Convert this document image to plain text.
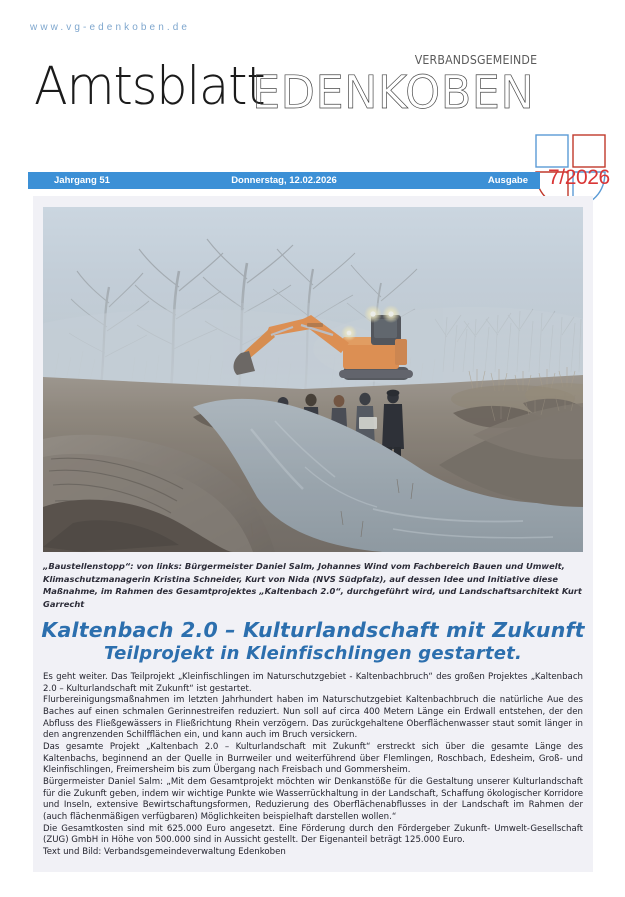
www.vg-edenkoben.de
Amtsblatt	VERBANDSGEMEINDE
EDENKOBEN
Jahrgang 51	Donnerstag, 12.02.2026	Ausgabe 7/2026
„Baustellenstopp“: von links: Bürgermeister Daniel Salm, Johannes Wind vom Fachbereich Bauen und Umwelt, Klimaschutzmanagerin Kristina Schneider, Kurt von Nida (NVS Südpfalz), auf dessen Idee und Initiative diese Maßnahme, im Rahmen des Gesamtprojektes „Kaltenbach 2.0“, durchgeführt wird, und Landschaftsarchitekt Kurt Garrecht
Kaltenbach 2.0 – Kulturlandschaft mit Zukunft
Teilprojekt in Kleinfischlingen gestartet.

Es geht weiter. Das Teilprojekt „Kleinfischlingen im Naturschutzgebiet - Kaltenbachbruch“ des großen Projektes „Kaltenbach 2.0 – Kulturlandschaft mit Zukunft“ ist gestartet.

Flurbereinigungsmaßnahmen im letzten Jahrhundert haben im Naturschutzgebiet Kaltenbachbruch die natürliche Aue des Baches auf einen schmalen Gerinnestreifen reduziert. Nun soll auf circa 400 Metern Länge ein Erdwall entstehen, der den Abfluss des Fließgewässers in Fließrichtung Rhein verzögern. Das zurückgehaltene Oberflächenwasser staut somit länger in den angrenzenden Schilfflächen ein, und kann auch im Bruch versickern.

Das gesamte Projekt „Kaltenbach 2.0 – Kulturlandschaft mit Zukunft“ erstreckt sich über die gesamte Länge des Kaltenbachs, beginnend an der Quelle in Burrweiler und weiterführend über Flemlingen, Roschbach, Edesheim, Groß- und Kleinfischlingen, Freimersheim bis zum Übergang nach Freisbach und Gommersheim.

Bürgermeister Daniel Salm: „Mit dem Gesamtprojekt möchten wir Denkanstöße für die Gestaltung unserer Kulturlandschaft für die Zukunft geben, indem wir wichtige Punkte wie Wasserrückhaltung in der Landschaft, Schaffung ökologischer Korridore und Inseln, extensive Bewirtschaftungsformen, Reduzierung des Oberflächenabflusses in der Landschaft im Rahmen der (auch flächenmäßigen verfügbaren) Möglichkeiten beispielhaft darstellen wollen.“

Die Gesamtkosten sind mit 625.000 Euro angesetzt. Eine Förderung durch den Fördergeber Zukunft- Umwelt-Gesellschaft (ZUG) GmbH in Höhe von 500.000 sind in Aussicht gestellt. Der Eigenanteil beträgt 125.000 Euro.

Text und Bild: Verbandsgemeindeverwaltung Edenkoben
